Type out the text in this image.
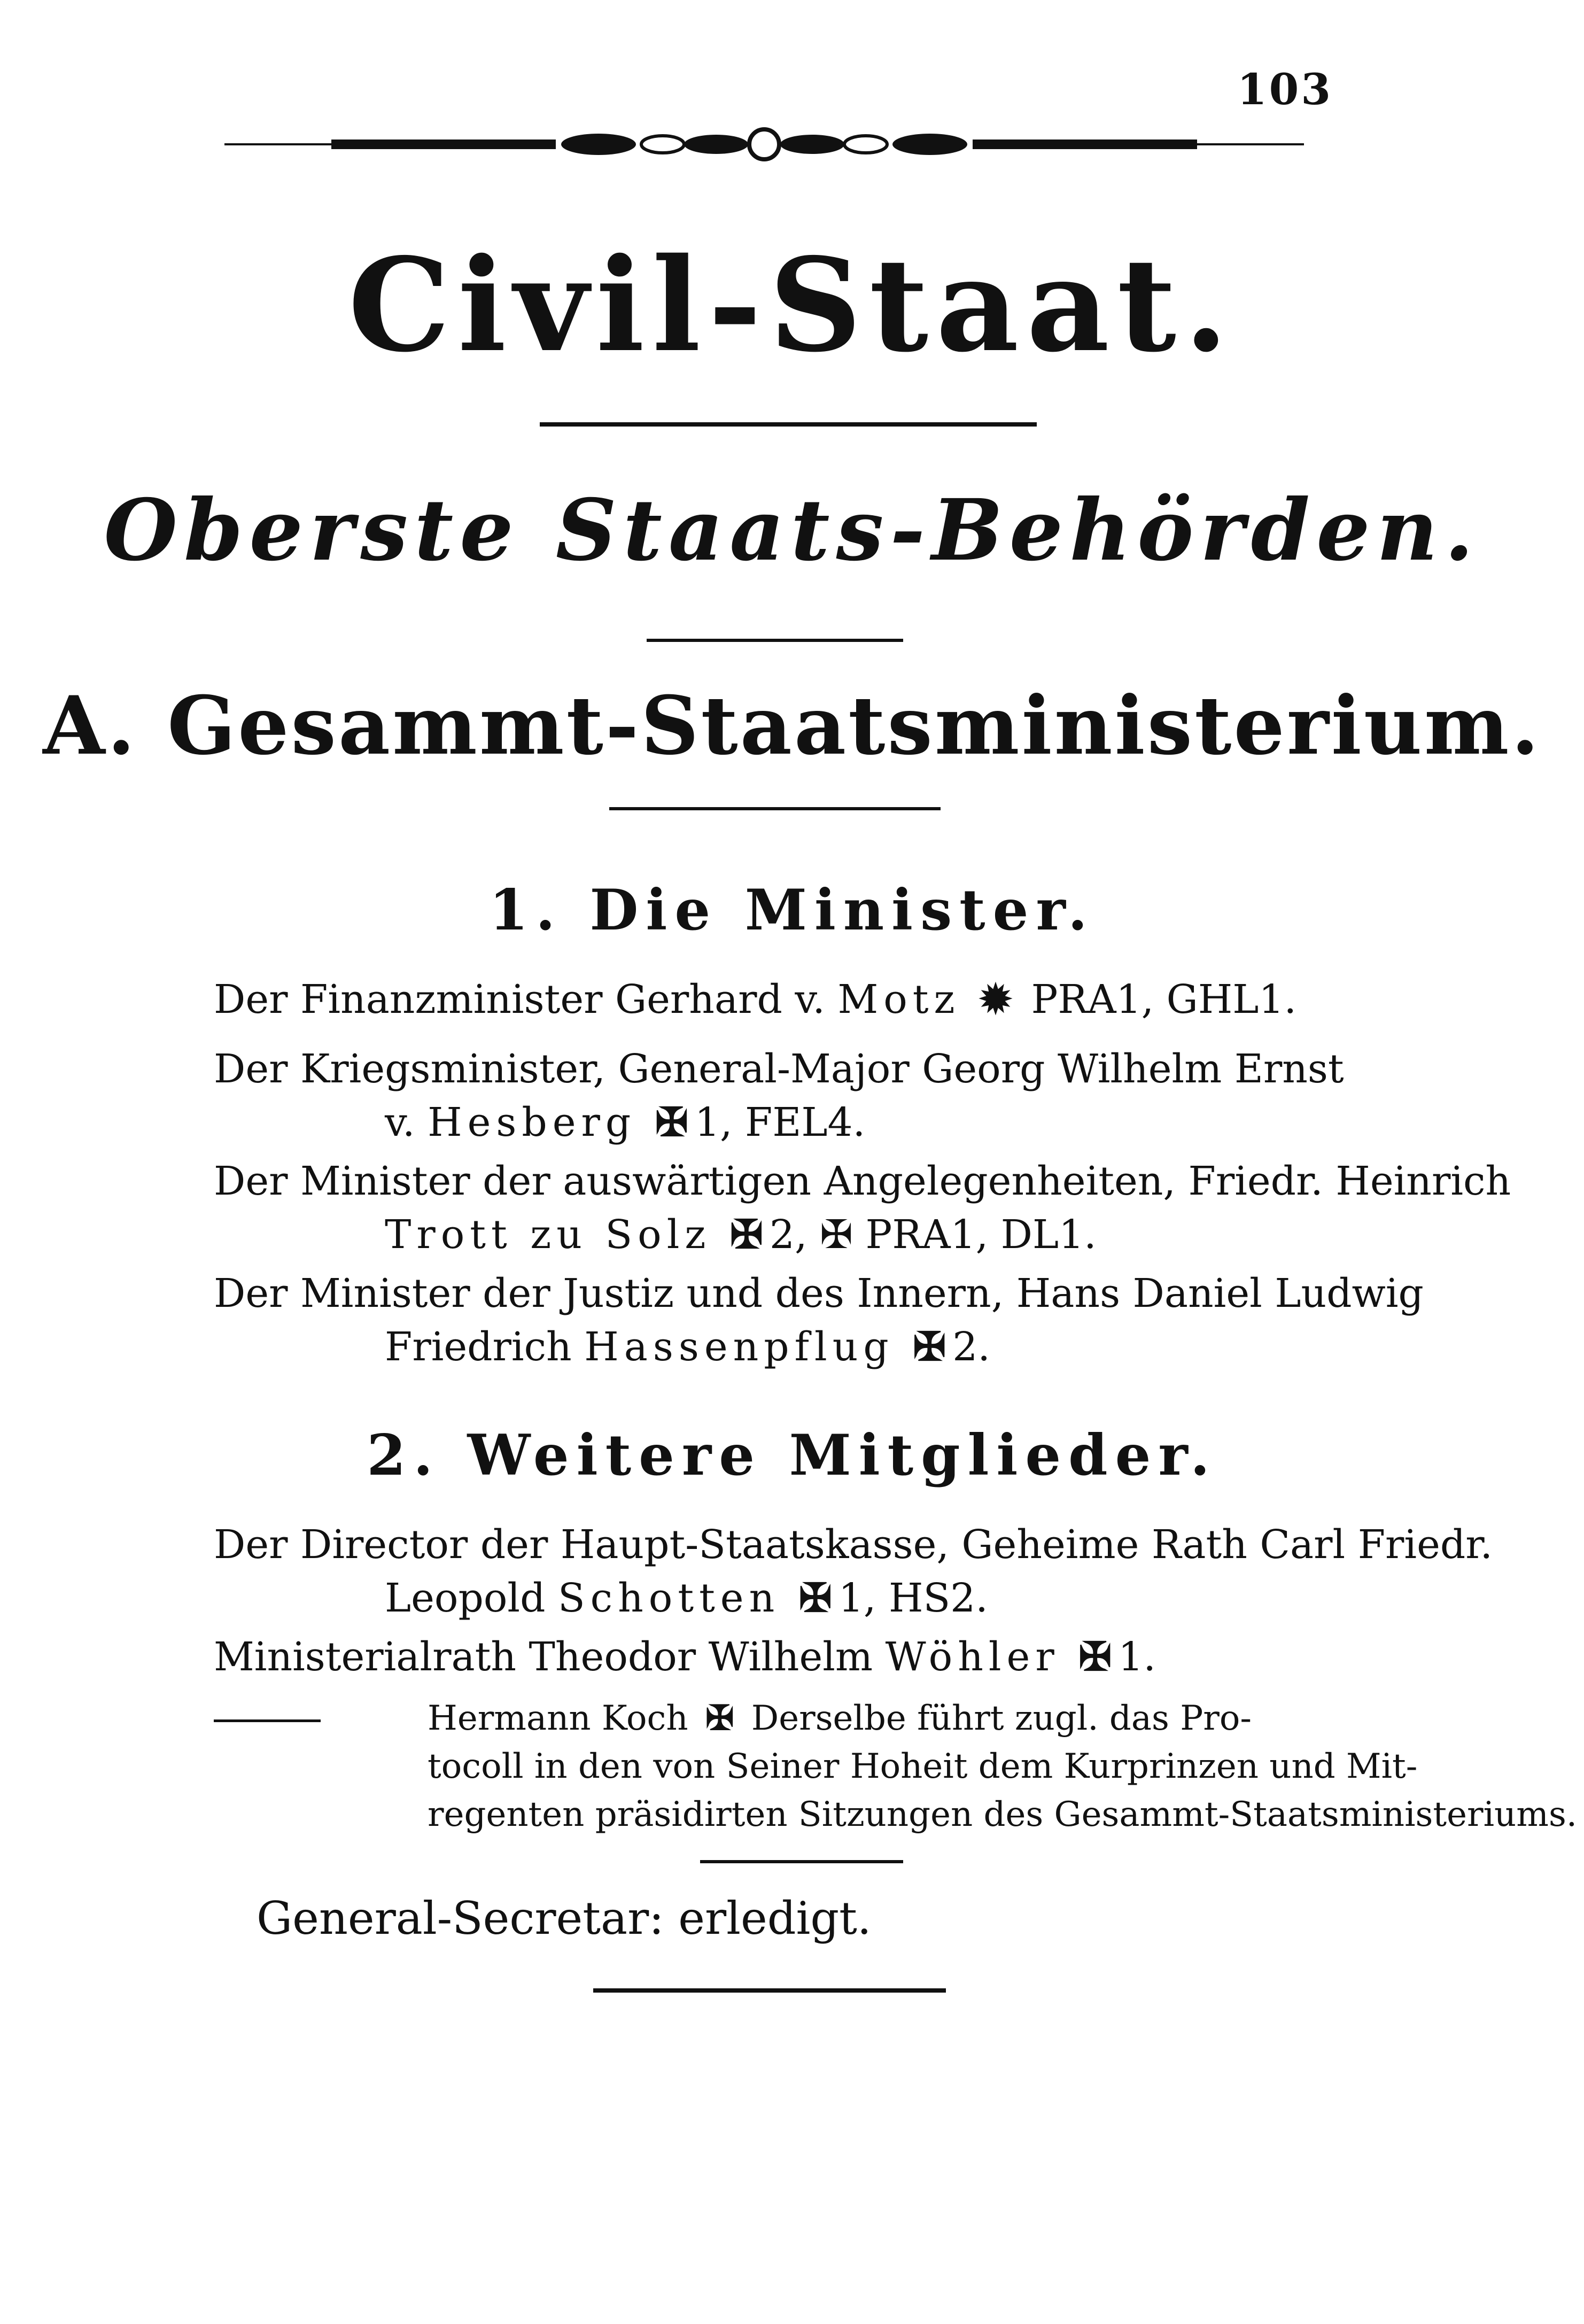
103
Civil-Staat.
Oberste Staats-Behörden.
A. Gesammt-Staatsministerium.
1. Die Minister.
Der Finanzminister Gerhard v. Motz ✹ PRA1, GHL1.
Der Kriegsminister, General-Major Georg Wilhelm Ernst
v. Hesberg ✠ 1, FEL4.
Der Minister der auswärtigen Angelegenheiten, Friedr. Heinrich
Trott zu Solz ✠ 2, ✠ PRA1, DL1.
Der Minister der Justiz und des Innern, Hans Daniel Ludwig
Friedrich Hassenpflug ✠ 2.
2. Weitere Mitglieder.
Der Director der Haupt-Staatskasse, Geheime Rath Carl Friedr.
Leopold Schotten ✠ 1, HS2.
Ministerialrath Theodor Wilhelm Wöhler ✠ 1.
Hermann Koch ✠ Derselbe führt zugl. das Pro-
tocoll in den von Seiner Hoheit dem Kurprinzen und Mit-
regenten präsidirten Sitzungen des Gesammt-Staatsministeriums.
General-Secretar: erledigt.
